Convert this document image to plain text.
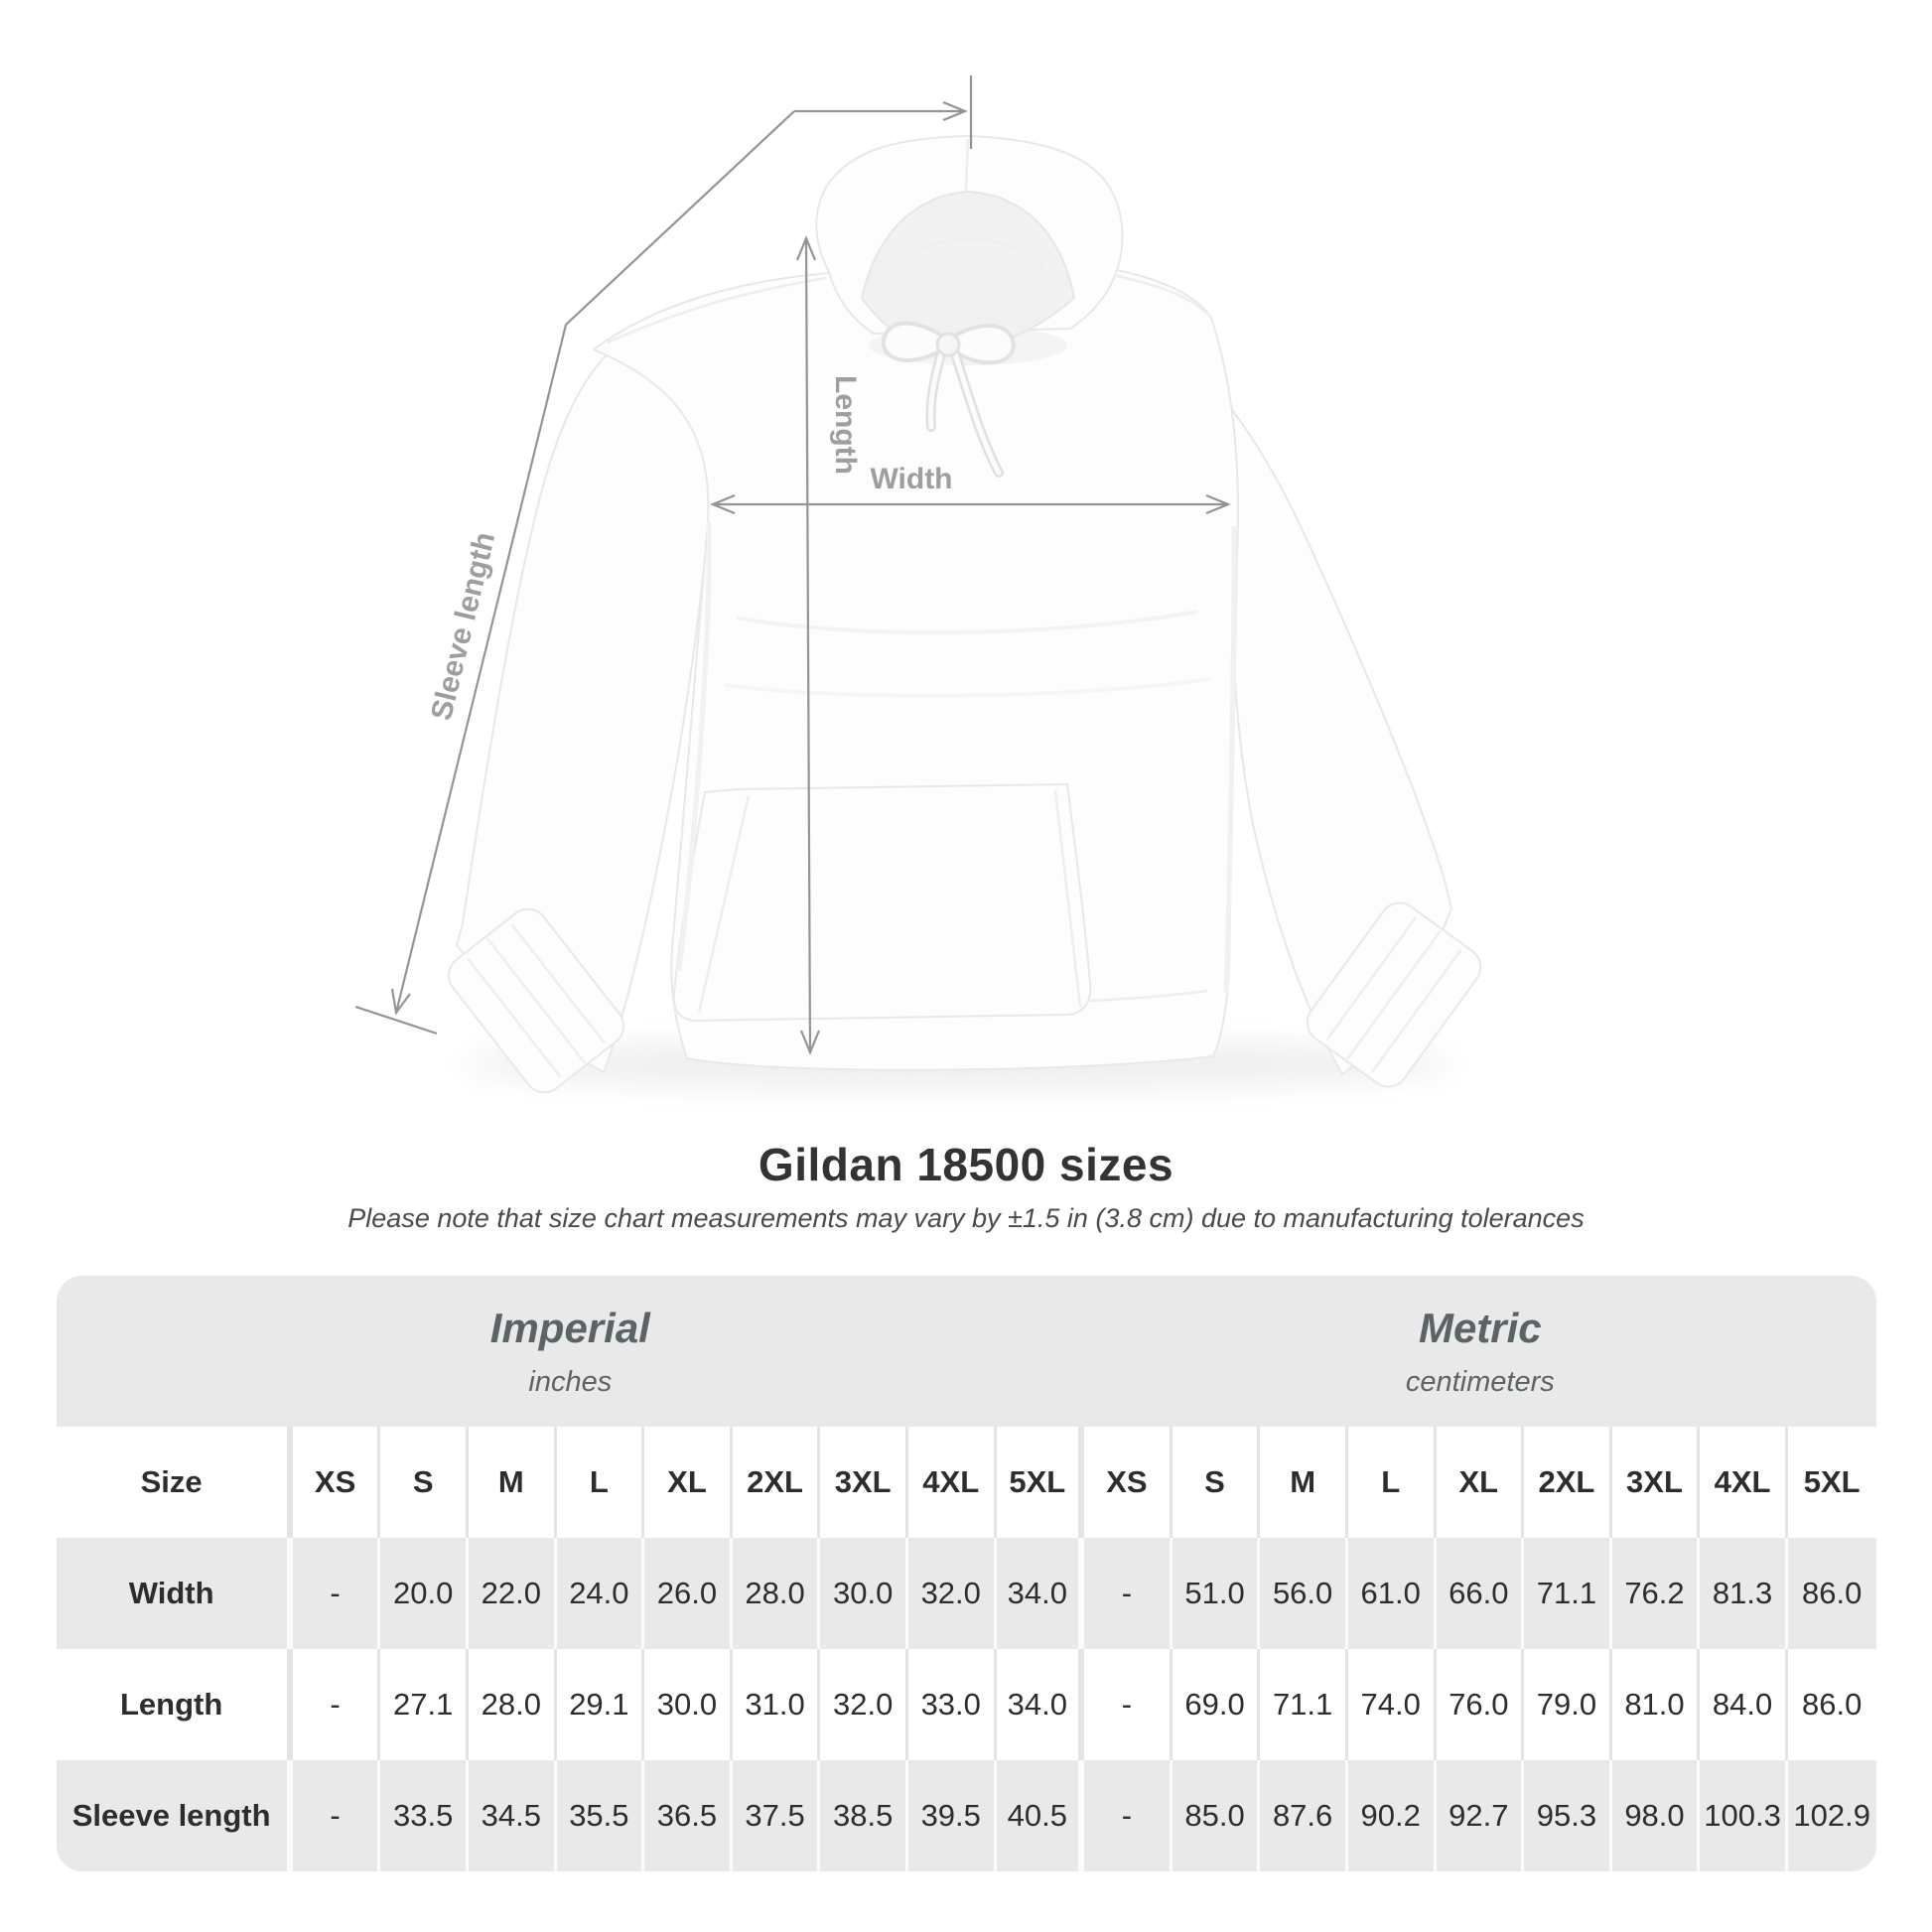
Sleeve length
Length
Width
Gildan 18500 sizes

Please note that size chart measurements may vary by ±1.5 in (3.8 cm) due to manufacturing tolerances

Imperial
inches
Metric
centimeters
Size	XS	S	M	L	XL	2XL	3XL	4XL	5XL	XS	S	M	L	XL	2XL	3XL	4XL	5XL
Width	-	20.0	22.0	24.0	26.0	28.0	30.0	32.0	34.0	-	51.0	56.0	61.0	66.0	71.1	76.2	81.3	86.0
Length	-	27.1	28.0	29.1	30.0	31.0	32.0	33.0	34.0	-	69.0	71.1	74.0	76.0	79.0	81.0	84.0	86.0
Sleeve length	-	33.5	34.5	35.5	36.5	37.5	38.5	39.5	40.5	-	85.0	87.6	90.2	92.7	95.3	98.0	100.3	102.9
